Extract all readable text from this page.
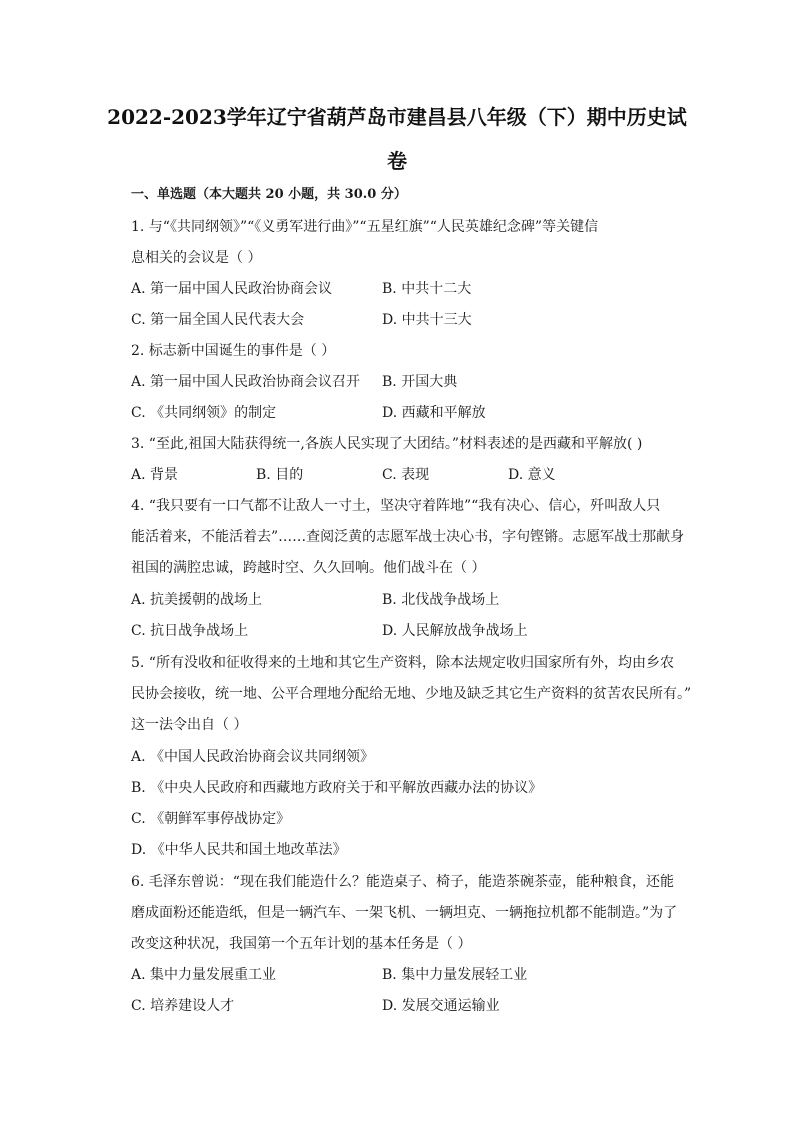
2022-2023学年辽宁省葫芦岛市建昌县八年级（下）期中历史试
卷
一、单选题（本大题共 20 小题，共 30.0 分）
1. 与“《共同纲领》”“《义勇军进行曲》”“五星红旗”“人民英雄纪念碑”等关键信
息相关的会议是（ ）
A. 第一届中国人民政治协商会议	B. 中共十二大
C. 第一届全国人民代表大会	D. 中共十三大
2. 标志新中国诞生的事件是（ ）
A. 第一届中国人民政治协商会议召开 B. 开国大典
C. 《共同纲领》的制定	D. 西藏和平解放
3. “至此,祖国大陆获得统一,各族人民实现了大团结。”材料表述的是西藏和平解放( )
A. 背景	B. 目的	C. 表现	D. 意义
4. “我只要有一口气都不让敌人一寸土，坚决守着阵地”“我有决心、信心，歼叫敌人只
能活着来，不能活着去”……查阅泛黄的志愿军战士决心书，字句铿锵。志愿军战士那献身
祖国的满腔忠诚，跨越时空、久久回响。他们战斗在（ ）
A. 抗美援朝的战场上	B. 北伐战争战场上
C. 抗日战争战场上	D. 人民解放战争战场上
5. “所有没收和征收得来的土地和其它生产资料，除本法规定收归国家所有外，均由乡农
民协会接收，统一地、公平合理地分配给无地、少地及缺乏其它生产资料的贫苦农民所有。”
这一法令出自（ ）
A. 《中国人民政治协商会议共同纲领》
B. 《中央人民政府和西藏地方政府关于和平解放西藏办法的协议》
C. 《朝鲜军事停战协定》
D. 《中华人民共和国土地改革法》
6. 毛泽东曾说：“现在我们能造什么？能造桌子、椅子，能造茶碗茶壶，能种粮食，还能
磨成面粉还能造纸，但是一辆汽车、一架飞机、一辆坦克、一辆拖拉机都不能制造。”为了
改变这种状况，我国第一个五年计划的基本任务是（ ）
A. 集中力量发展重工业	B. 集中力量发展轻工业
C. 培养建设人才	D. 发展交通运输业
